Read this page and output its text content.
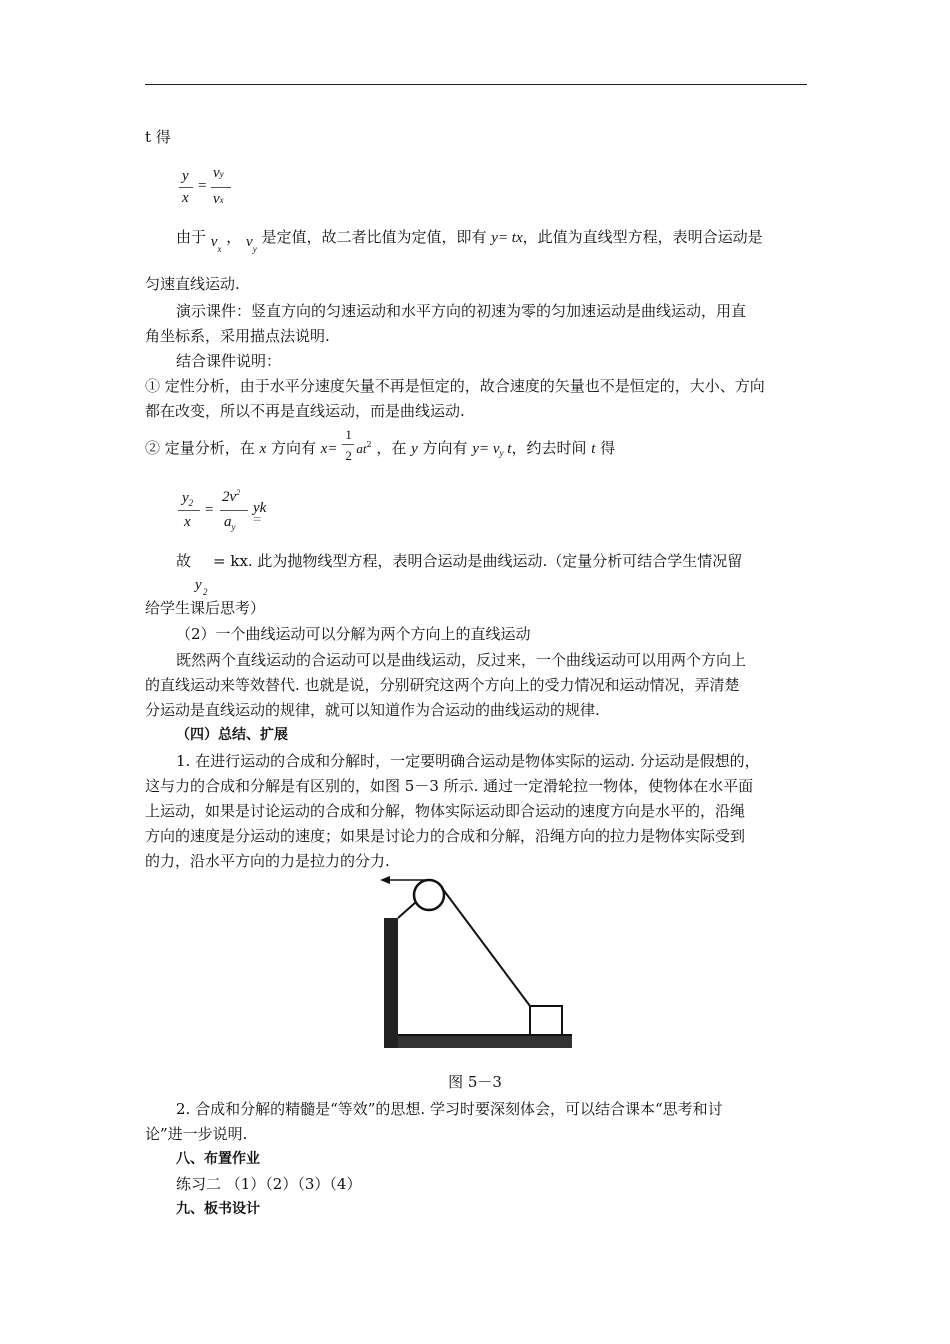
t 得
y
x
=
vy
vx
由于 $v_x$ ， $v_y$ 是定值，故二者比值为定值，即有 y= tx，此值为直线型方程，表明合运动是
匀速直线运动.
演示课件：竖直方向的匀速运动和水平方向的初速为零的匀加速运动是曲线运动，用直
角坐标系，采用描点法说明.
结合课件说明：
① 定性分析，由于水平分速度矢量不再是恒定的，故合速度的矢量也不是恒定的，大小、方向
都在改变，所以不再是直线运动，而是曲线运动.
② 定量分析，在 x 方向有 $x= \frac{1}{2} at^2$ ，在 y 方向有 $y= v_y$ t，约去时间 t 得
$y_2$
x
=
$2v^2$
$a_y$
yk
=
故
y 2
= kx. 此为抛物线型方程，表明合运动是曲线运动.（定量分析可结合学生情况留
给学生课后思考）
（2）一个曲线运动可以分解为两个方向上的直线运动
既然两个直线运动的合运动可以是曲线运动，反过来，一个曲线运动可以用两个方向上
的直线运动来等效替代. 也就是说，分别研究这两个方向上的受力情况和运动情况，弄清楚
分运动是直线运动的规律，就可以知道作为合运动的曲线运动的规律.
（四）总结、扩展
1. 在进行运动的合成和分解时，一定要明确合运动是物体实际的运动. 分运动是假想的，
这与力的合成和分解是有区别的，如图 5－3 所示. 通过一定滑轮拉一物体，使物体在水平面
上运动，如果是讨论运动的合成和分解，物体实际运动即合运动的速度方向是水平的，沿绳
方向的速度是分运动的速度；如果是讨论力的合成和分解，沿绳方向的拉力是物体实际受到
的力，沿水平方向的力是拉力的分力.
图 5－3
2. 合成和分解的精髓是“等效”的思想. 学习时要深刻体会，可以结合课本“思考和讨
论”进一步说明.
八、布置作业
练习二 （1）（2）（3）（4）
九、板书设计
